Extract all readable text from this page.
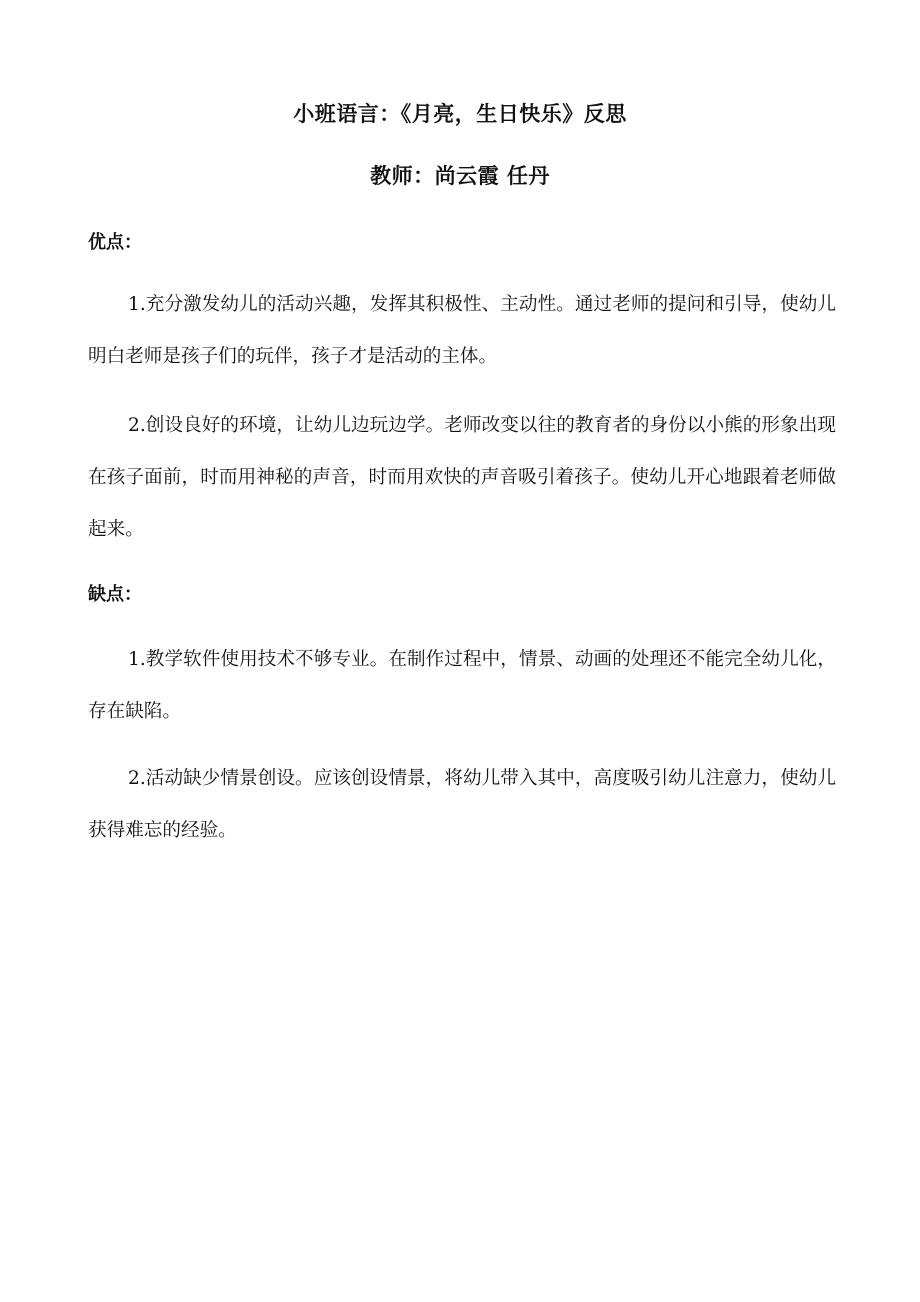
小班语言：《月亮，生日快乐》反思
教师：尚云霞 任丹
优点：

1.充分激发幼儿的活动兴趣，发挥其积极性、主动性。通过老师的提问和引导，使幼儿明白老师是孩子们的玩伴，孩子才是活动的主体。

2.创设良好的环境，让幼儿边玩边学。老师改变以往的教育者的身份以小熊的形象出现在孩子面前，时而用神秘的声音，时而用欢快的声音吸引着孩子。使幼儿开心地跟着老师做起来。

缺点：

1.教学软件使用技术不够专业。在制作过程中，情景、动画的处理还不能完全幼儿化，存在缺陷。

2.活动缺少情景创设。应该创设情景，将幼儿带入其中，高度吸引幼儿注意力，使幼儿获得难忘的经验。
